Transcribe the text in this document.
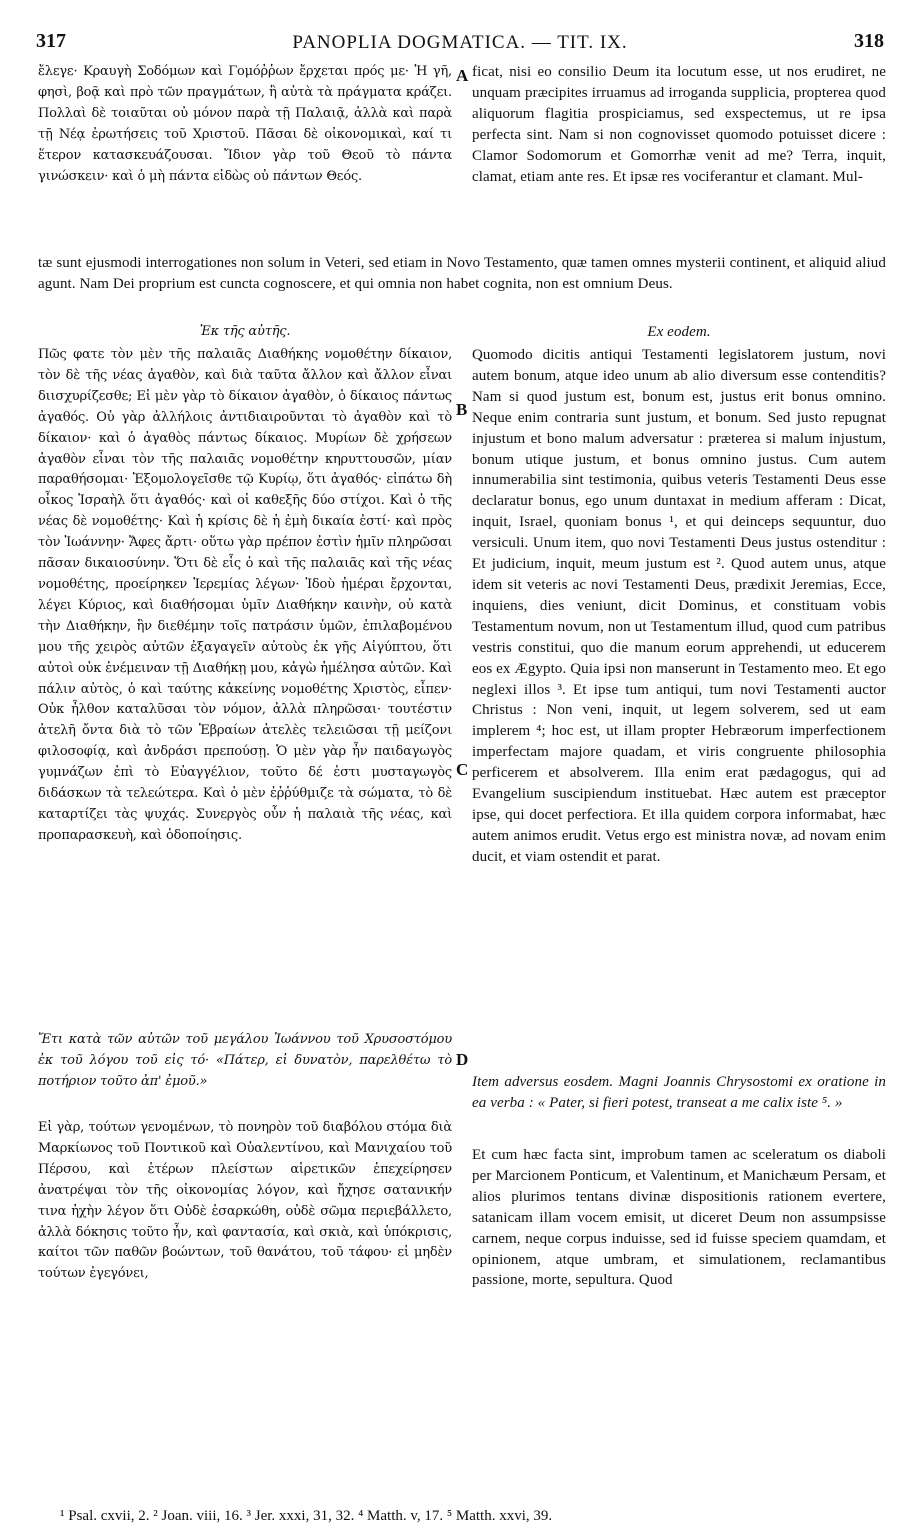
317	PANOPLIA DOGMATICA. — TIT. IX.	318
ἔλεγε· Κραυγὴ Σοδόμων καὶ Γομόῤῥων ἔρχεται πρός με· Ἡ γῆ, φησὶ, βοᾷ καὶ πρὸ τῶν πραγμάτων, ἢ αὐτὰ τὰ πράγματα κράζει. Πολλαὶ δὲ τοιαῦται οὐ μόνον παρὰ τῇ Παλαιᾷ, ἀλλὰ καὶ παρὰ τῇ Νέᾳ ἐρωτήσεις τοῦ Χριστοῦ. Πᾶσαι δὲ οἰκονομικαὶ, καί τι ἕτερον κατασκευάζουσαι. Ἴδιον γὰρ τοῦ Θεοῦ τὸ πάντα γινώσκειν· καὶ ὁ μὴ πάντα εἰδὼς οὐ πάντων Θεός.
A ficat, nisi eo consilio Deum ita locutum esse, ut nos erudiret, ne unquam præcipites irruamus ad irroganda supplicia, propterea quod aliquorum flagitia prospiciamus, sed exspectemus, ut re ipsa perfecta sint. Nam si non cognovisset quomodo potuisset dicere : Clamor Sodomorum et Gomorrhæ venit ad me? Terra, inquit, clamat, etiam ante res. Et ipsæ res vociferantur et clamant. Mul-
tæ sunt ejusmodi interrogationes non solum in Veteri, sed etiam in Novo Testamento, quæ tamen omnes mysterii continent, et aliquid aliud agunt. Nam Dei proprium est cuncta cognoscere, et qui omnia non habet cognita, non est omnium Deus.
Ἐκ τῆς αὐτῆς.	Ex eodem.
Πῶς φατε τὸν μὲν τῆς παλαιᾶς Διαθήκης νομοθέτην δίκαιον, τὸν δὲ τῆς νέας ἀγαθὸν, καὶ διὰ ταῦτα ἄλλον καὶ ἄλλον εἶναι διισχυρίζεσθε; Εἰ μὲν γὰρ τὸ δίκαιον ἀγαθὸν, ὁ δίκαιος πάντως ἀγαθός. Οὐ γὰρ ἀλλήλοις ἀντιδιαιροῦνται τὸ ἀγαθὸν καὶ τὸ δίκαιον· καὶ ὁ ἀγαθὸς πάντως δίκαιος. Μυρίων δὲ χρήσεων ἀγαθὸν εἶναι τὸν τῆς παλαιᾶς νομοθέτην κηρυττουσῶν, μίαν παραθήσομαι· Ἐξομολογεῖσθε τῷ Κυρίῳ, ὅτι ἀγαθός· εἰπάτω δὴ οἶκος Ἰσραὴλ ὅτι ἀγαθός· καὶ οἱ καθεξῆς δύο στίχοι. Καὶ ὁ τῆς νέας δὲ νομοθέτης· Καὶ ἡ κρίσις δὲ ἡ ἐμὴ δικαία ἐστί· καὶ πρὸς τὸν Ἰωάννην· Ἄφες ἄρτι· οὕτω γὰρ πρέπον ἐστὶν ἡμῖν πληρῶσαι πᾶσαν δικαιοσύνην. Ὅτι δὲ εἷς ὁ καὶ τῆς παλαιᾶς καὶ τῆς νέας νομοθέτης, προείρηκεν Ἱερεμίας λέγων· Ἰδοὺ ἡμέραι ἔρχονται, λέγει Κύριος, καὶ διαθήσομαι ὑμῖν Διαθήκην καινὴν, οὐ κατὰ τὴν Διαθήκην, ἣν διεθέμην τοῖς πατράσιν ὑμῶν, ἐπιλαβομένου μου τῆς χειρὸς αὐτῶν ἐξαγαγεῖν αὐτοὺς ἐκ γῆς Αἰγύπτου, ὅτι αὐτοὶ οὐκ ἐνέμειναν τῇ Διαθήκῃ μου, κἀγὼ ἠμέλησα αὐτῶν. Καὶ πάλιν αὐτὸς, ὁ καὶ ταύτης κἀκείνης νομοθέτης Χριστὸς, εἶπεν· Οὐκ ἦλθον καταλῦσαι τὸν νόμον, ἀλλὰ πληρῶσαι· τουτέστιν ἀτελῆ ὄντα διὰ τὸ τῶν Ἑβραίων ἀτελὲς τελειῶσαι τῇ μείζονι φιλοσοφίᾳ, καὶ ἀνδράσι πρεπούσῃ. Ὁ μὲν γὰρ ἦν παιδαγωγὸς γυμνάζων ἐπὶ τὸ Εὐαγγέλιον, τοῦτο δέ ἐστι μυσταγωγὸς διδάσκων τὰ τελεώτερα. Καὶ ὁ μὲν ἐῤῥύθμιζε τὰ σώματα, τὸ δὲ καταρτίζει τὰς ψυχάς. Συνεργὸς οὖν ἡ παλαιὰ τῆς νέας, καὶ προπαρασκευὴ, καὶ ὁδοποίησις.
B
C
Quomodo dicitis antiqui Testamenti legislatorem justum, novi autem bonum, atque ideo unum ab alio diversum esse contenditis? Nam si quod justum est, bonum est, justus erit bonus omnino. Neque enim contraria sunt justum, et bonum. Sed justo repugnat injustum et bono malum adversatur : præterea si malum injustum, bonum utique justum, et bonus omnino justus. Cum autem innumerabilia sint testimonia, quibus veteris Testamenti Deus esse declaratur bonus, ego unum duntaxat in medium afferam : Dicat, inquit, Israel, quoniam bonus ¹, et qui deinceps sequuntur, duo versiculi. Unum item, quo novi Testamenti Deus justus ostenditur : Et judicium, inquit, meum justum est ². Quod autem unus, atque idem sit veteris ac novi Testamenti Deus, prædixit Jeremias, Ecce, inquiens, dies veniunt, dicit Dominus, et constituam vobis Testamentum novum, non ut Testamentum illud, quod cum patribus vestris constitui, quo die manum eorum apprehendi, ut educerem eos ex Ægypto. Quia ipsi non manserunt in Testamento meo. Et ego neglexi illos ³. Et ipse tum antiqui, tum novi Testamenti auctor Christus : Non veni, inquit, ut legem solverem, sed ut eam implerem ⁴; hoc est, ut illam propter Hebræorum imperfectionem imperfectam majore quadam, et viris congruente philosophia perficerem et absolverem. Illa enim erat pædagogus, qui ad Evangelium suscipiendum instituebat. Hæc autem est præceptor ipse, qui docet perfectiora. Et illa quidem corpora informabat, hæc autem animos erudit. Vetus ergo est ministra novæ, ad novam enim ducit, et viam ostendit et parat.
Ἔτι κατὰ τῶν αὐτῶν τοῦ μεγάλου Ἰωάννου τοῦ Χρυσοστόμου ἐκ τοῦ λόγου τοῦ εἰς τό· «Πάτερ, εἰ δυνατὸν, παρελθέτω τὸ ποτήριον τοῦτο ἀπ' ἐμοῦ.»
D
Item adversus eosdem. Magni Joannis Chrysostomi ex oratione in ea verba : « Pater, si fieri potest, transeat a me calix iste ⁵. »
Εἰ γὰρ, τούτων γενομένων, τὸ πονηρὸν τοῦ διαβόλου στόμα διὰ Μαρκίωνος τοῦ Ποντικοῦ καὶ Οὐαλεντίνου, καὶ Μανιχαίου τοῦ Πέρσου, καὶ ἑτέρων πλείστων αἱρετικῶν ἐπεχείρησεν ἀνατρέψαι τὸν τῆς οἰκονομίας λόγον, καὶ ἤχησε σατανικήν τινα ἠχὴν λέγον ὅτι Οὐδὲ ἐσαρκώθη, οὐδὲ σῶμα περιεβάλλετο, ἀλλὰ δόκησις τοῦτο ἦν, καὶ φαντασία, καὶ σκιὰ, καὶ ὑπόκρισις, καίτοι τῶν παθῶν βοώντων, τοῦ θανάτου, τοῦ τάφου· εἰ μηδὲν τούτων ἐγεγόνει,
Et cum hæc facta sint, improbum tamen ac sceleratum os diaboli per Marcionem Ponticum, et Valentinum, et Manichæum Persam, et alios plurimos tentans divinæ dispositionis rationem evertere, satanicam illam vocem emisit, ut diceret Deum non assumpsisse carnem, neque corpus induisse, sed id fuisse speciem quamdam, et opinionem, atque umbram, et simulationem, reclamantibus passione, morte, sepultura. Quod
¹ Psal. cxvii, 2. ² Joan. viii, 16. ³ Jer. xxxi, 31, 32. ⁴ Matth. v, 17. ⁵ Matth. xxvi, 39.
